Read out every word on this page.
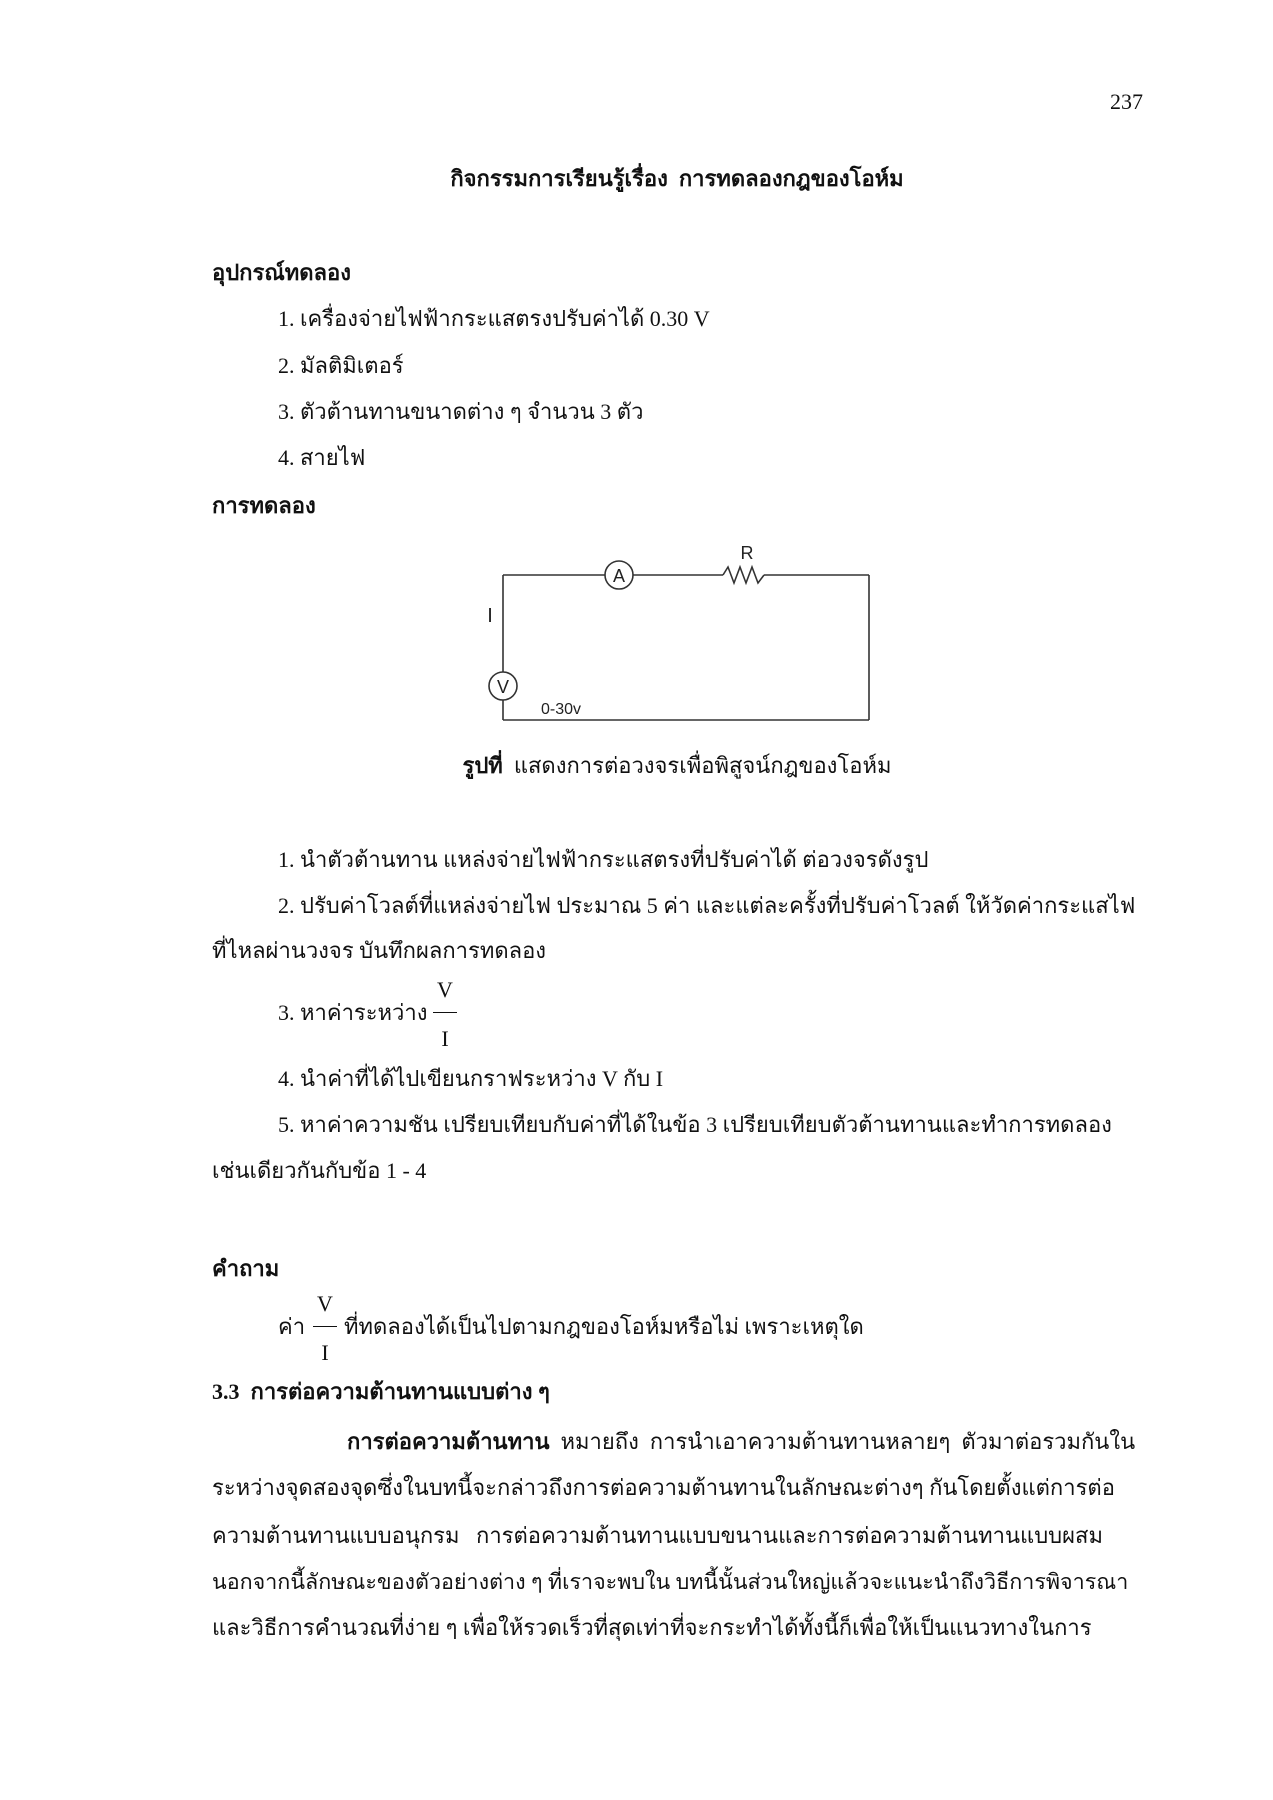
237
กิจกรรมการเรียนรู้เรื่อง  การทดลองกฎของโอห์ม
อุปกรณ์ทดลอง
1. เครื่องจ่ายไฟฟ้ากระแสตรงปรับค่าได้ 0.30 V
2. มัลติมิเตอร์
3. ตัวต้านทานขนาดต่าง ๆ จำนวน 3 ตัว
4. สายไฟ
การทดลอง
A
R
I
V
0-30v
รูปที่  แสดงการต่อวงจรเพื่อพิสูจน์กฎของโอห์ม
1. นำตัวต้านทาน แหล่งจ่ายไฟฟ้ากระแสตรงที่ปรับค่าได้ ต่อวงจรดังรูป
2. ปรับค่าโวลต์ที่แหล่งจ่ายไฟ ประมาณ 5 ค่า และแต่ละครั้งที่ปรับค่าโวลต์ ให้วัดค่ากระแสไฟ
ที่ไหลผ่านวงจร บันทึกผลการทดลอง
3. หาค่าระหว่าง
V
I
4. นำค่าที่ได้ไปเขียนกราฟระหว่าง V กับ I
5. หาค่าความชัน เปรียบเทียบกับค่าที่ได้ในข้อ 3 เปรียบเทียบตัวต้านทานและทำการทดลอง
เช่นเดียวกันกับข้อ 1 - 4
คำถาม
ค่า
V
I
ที่ทดลองได้เป็นไปตามกฎของโอห์มหรือไม่ เพราะเหตุใด
3.3  การต่อความต้านทานแบบต่าง ๆ
การต่อความต้านทาน  หมายถึง  การนำเอาความต้านทานหลายๆ  ตัวมาต่อรวมกันใน
ระหว่างจุดสองจุดซึ่งในบทนี้จะกล่าวถึงการต่อความต้านทานในลักษณะต่างๆ กันโดยตั้งแต่การต่อ
ความต้านทานแบบอนุกรม   การต่อความต้านทานแบบขนานและการต่อความต้านทานแบบผสม
นอกจากนี้ลักษณะของตัวอย่างต่าง ๆ ที่เราจะพบใน บทนี้นั้นส่วนใหญ่แล้วจะแนะนำถึงวิธีการพิจารณา
และวิธีการคำนวณที่ง่าย ๆ เพื่อให้รวดเร็วที่สุดเท่าที่จะกระทำได้ทั้งนี้ก็เพื่อให้เป็นแนวทางในการ
